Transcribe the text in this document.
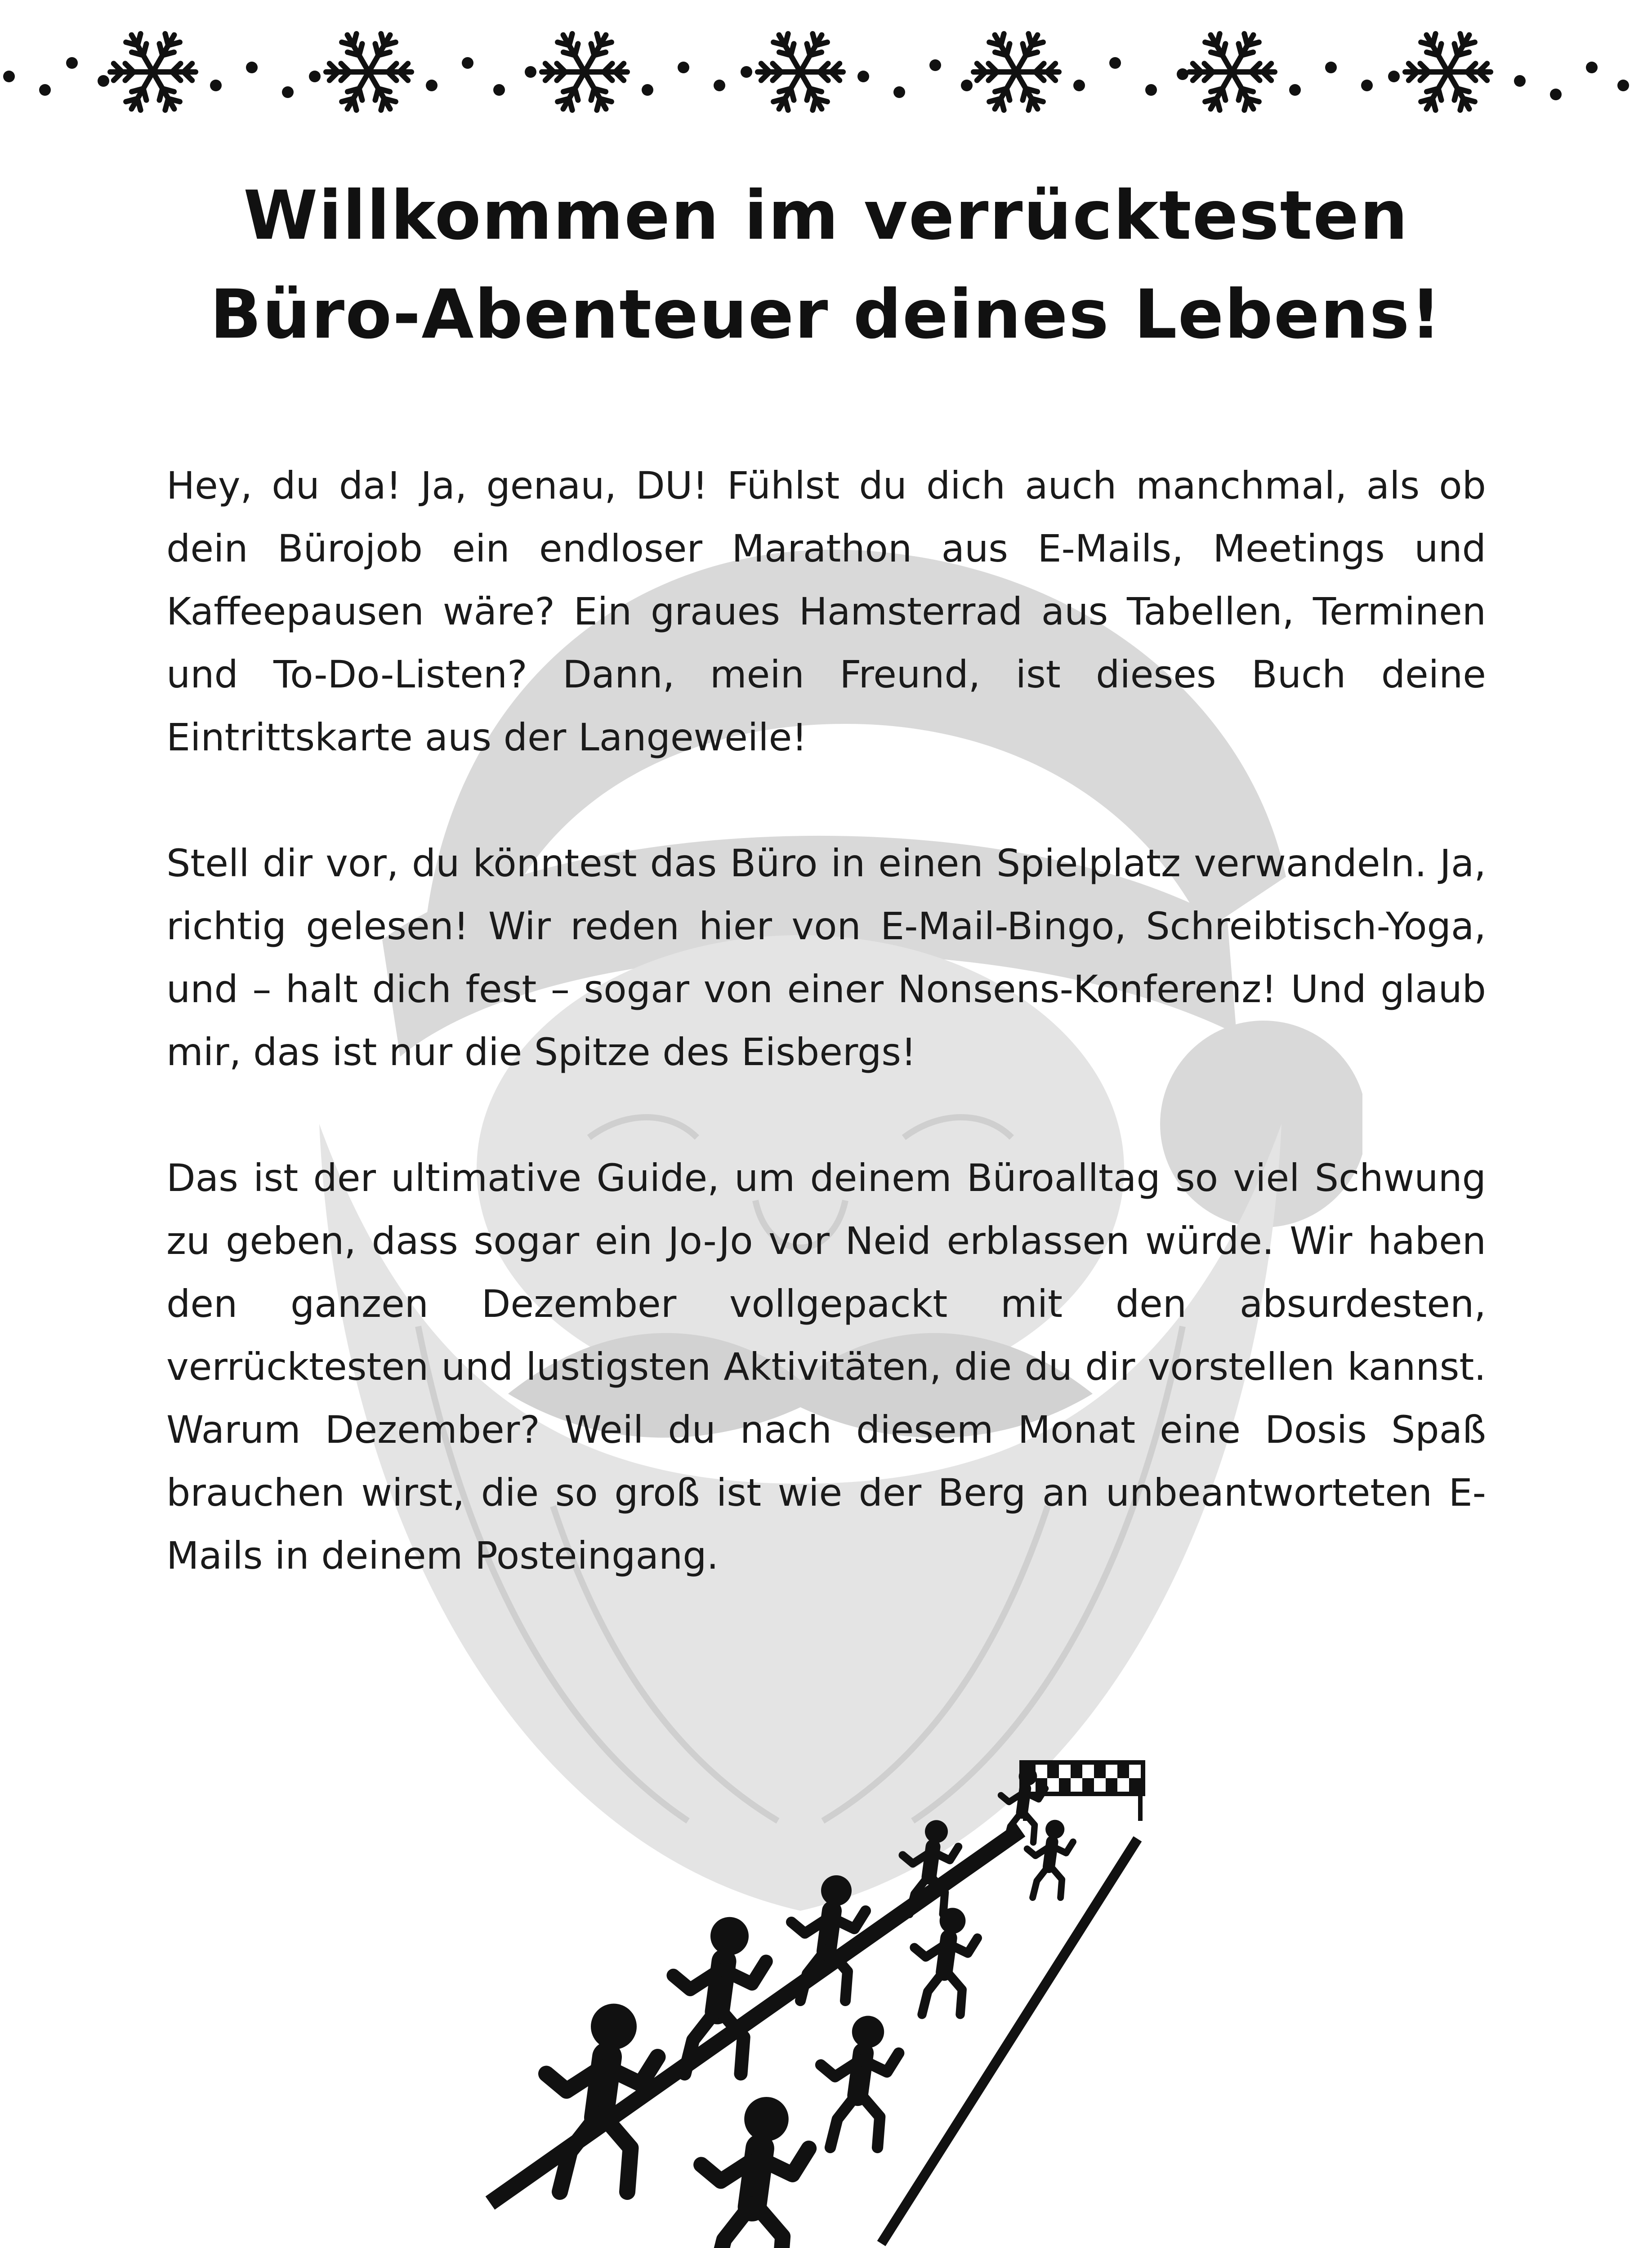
Willkommen im verrücktesten
Büro-Abenteuer deines Lebens!

Hey, du da! Ja, genau, DU! Fühlst du dich auch manchmal, als ob dein Bürojob ein endloser Marathon aus E-Mails, Meetings und Kaffeepausen wäre? Ein graues Hamsterrad aus Tabellen, Terminen und To-Do-Listen? Dann, mein Freund, ist dieses Buch deine Eintrittskarte aus der Langeweile!

Stell dir vor, du könntest das Büro in einen Spielplatz verwandeln. Ja, richtig gelesen! Wir reden hier von E-Mail-Bingo, Schreibtisch-Yoga, und – halt dich fest – sogar von einer Nonsens-Konferenz! Und glaub mir, das ist nur die Spitze des Eisbergs!

Das ist der ultimative Guide, um deinem Büroalltag so viel Schwung zu geben, dass sogar ein Jo-Jo vor Neid erblassen würde. Wir haben den ganzen Dezember vollgepackt mit den absurdesten, verrücktesten und lustigsten Aktivitäten, die du dir vorstellen kannst. Warum Dezember? Weil du nach diesem Monat eine Dosis Spaß brauchen wirst, die so groß ist wie der Berg an unbeantworteten E-Mails in deinem Posteingang.
